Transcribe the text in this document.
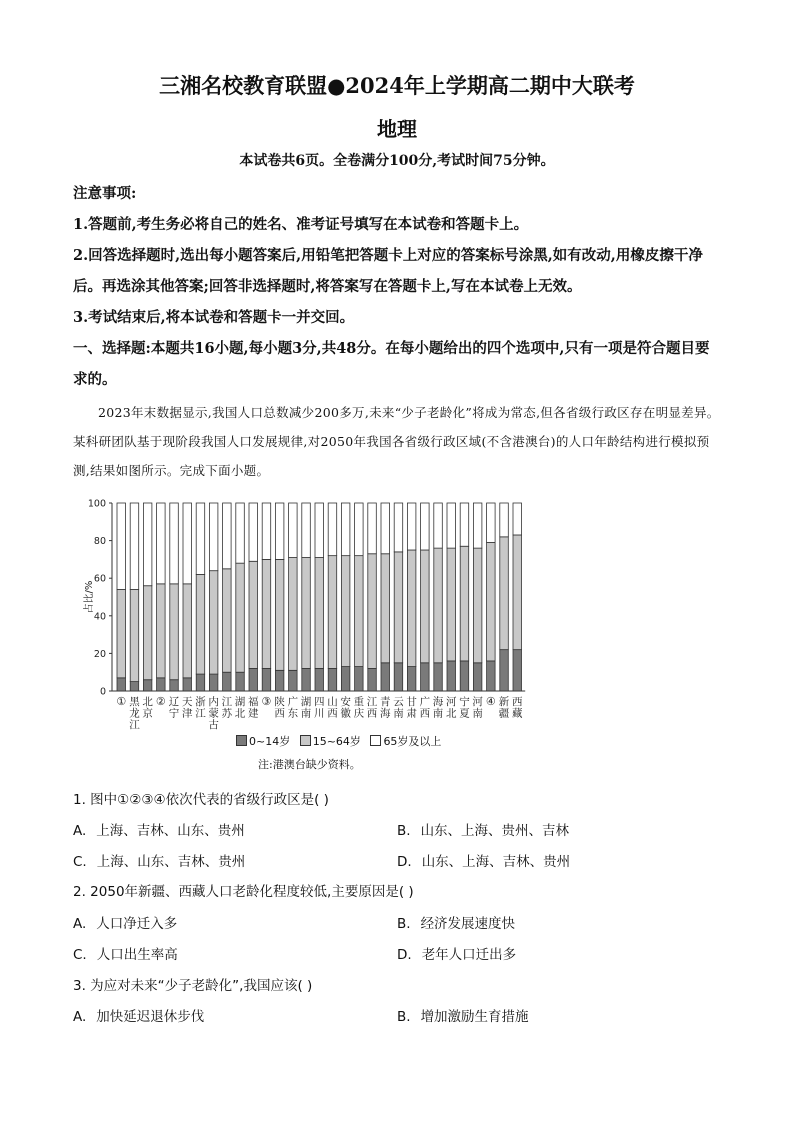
三湘名校教育联盟●2024年上学期高二期中大联考
地理
本试卷共6页。全卷满分100分,考试时间75分钟。
注意事项:
1.答题前,考生务必将自己的姓名、准考证号填写在本试卷和答题卡上。
2.回答选择题时,选出每小题答案后,用铅笔把答题卡上对应的答案标号涂黑,如有改动,用橡皮擦干净后。再选涂其他答案;回答非选择题时,将答案写在答题卡上,写在本试卷上无效。
3.考试结束后,将本试卷和答题卡一并交回。
一、选择题:本题共16小题,每小题3分,共48分。在每小题给出的四个选项中,只有一项是符合题目要求的。
2023年末数据显示,我国人口总数减少200多万,未来“少子老龄化”将成为常态,但各省级行政区存在明显差异。某科研团队基于现阶段我国人口发展规律,对2050年我国各省级行政区域(不含港澳台)的人口年龄结构进行模拟预测,结果如图所示。完成下面小题。
0
20
40
60
80
100
占比/%
① 黑
龙
江
北
京
② 辽
宁
天
津
浙
江
内
蒙
古
江
苏
湖
北
福
建
③ 陕
西
广
东
湖
南
四
川
山
西
安
徽
重
庆
江
西
青
海
云
南
甘
肃
广
西
海
南
河
北
宁
夏
河
南
④ 新
疆
西
藏
0~14岁 15~64岁 65岁及以上
注:港澳台缺少资料。
1. 图中①②③④依次代表的省级行政区是( )
A. 上海、吉林、山东、贵州	B. 山东、上海、贵州、吉林
C. 上海、山东、吉林、贵州	D. 山东、上海、吉林、贵州
2. 2050年新疆、西藏人口老龄化程度较低,主要原因是( )
A. 人口净迁入多	B. 经济发展速度快
C. 人口出生率高	D. 老年人口迁出多
3. 为应对未来“少子老龄化”,我国应该( )
A. 加快延迟退休步伐	B. 增加激励生育措施
